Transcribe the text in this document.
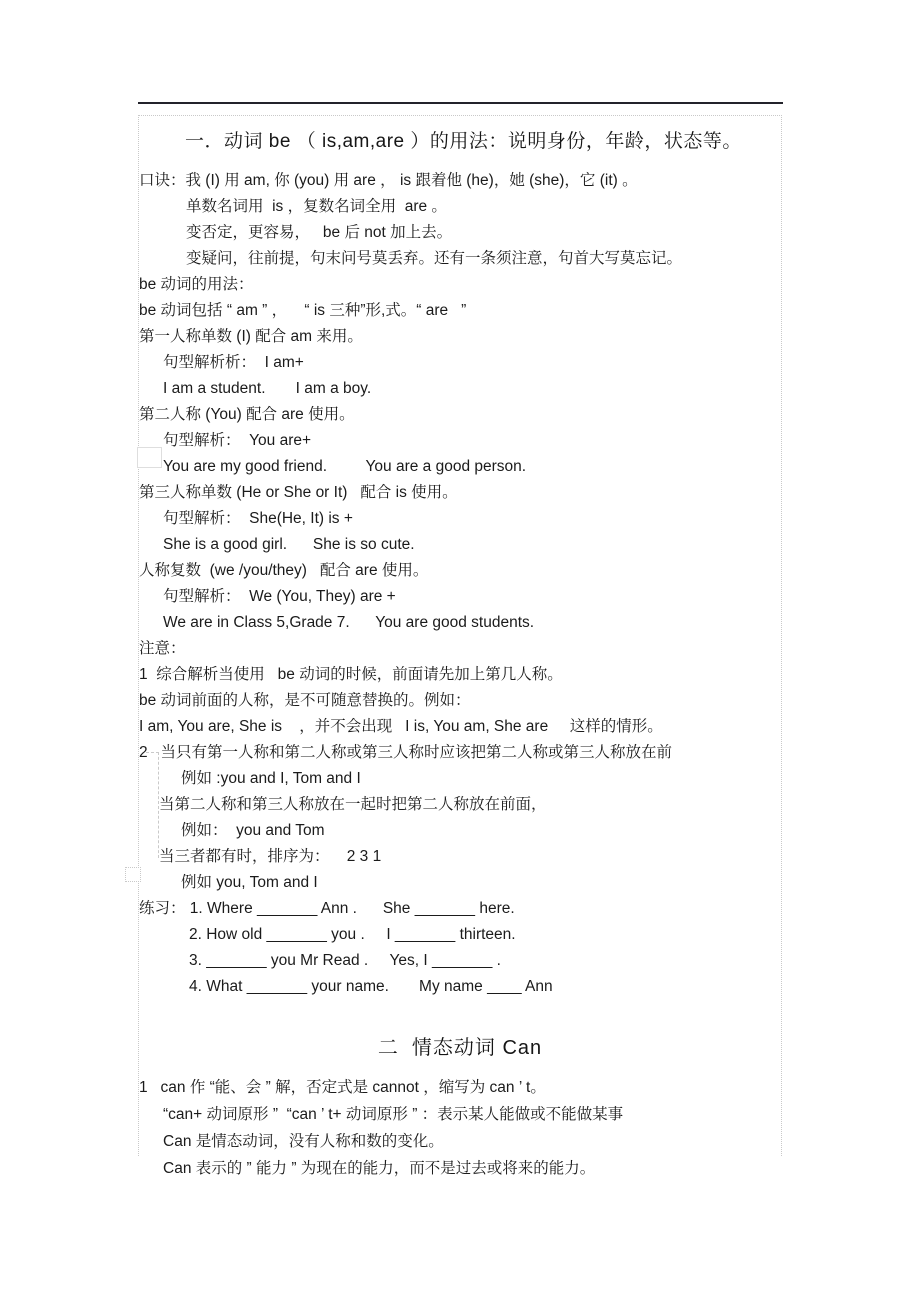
一．动词 be （ is,am,are ）的用法：说明身份，年龄，状态等。

口诀：我 (I) 用 am, 你 (you) 用 are ， is 跟着他 (he)，她 (she)，它 (it) 。

单数名词用  is ，复数名词全用  are 。

变否定，更容易，   be 后 not 加上去。

变疑问，往前提，句末问号莫丢弃。还有一条须注意，句首大写莫忘记。

be 动词的用法：

be 动词包括 “ am ” ，    “ is 三种”形,式。“ are   ”

第一人称单数 (I) 配合 am 来用。

句型解析析：  I am+

I am a student.       I am a boy.

第二人称 (You) 配合 are 使用。

句型解析：  You are+

You are my good friend.         You are a good person.

第三人称单数 (He or She or It)   配合 is 使用。

句型解析：  She(He, It) is +

She is a good girl.      She is so cute.

人称复数  (we /you/they)   配合 are 使用。

句型解析：  We (You, They) are +

We are in Class 5,Grade 7.      You are good students.

注意：

1  综合解析当使用   be 动词的时候，前面请先加上第几人称。

be 动词前面的人称，是不可随意替换的。例如：

I am, You are, She is    ，并不会出现   I is, You am, She are     这样的情形。

2   当只有第一人称和第二人称或第三人称时应该把第二人称或第三人称放在前

例如 :you and I, Tom and I

当第二人称和第三人称放在一起时把第二人称放在前面，

例如：  you and Tom

当三者都有时，排序为：    2 3 1

例如 you, Tom and I

练习： 1. Where _______ Ann .      She _______ here.

2. How old _______ you .     I _______ thirteen.

3. _______ you Mr Read .     Yes, I _______ .

4. What _______ your name.       My name ____ Ann

二  情态动词 Can

1   can 作 “能、会 ” 解，否定式是 cannot ，缩写为 can ’ t。

“can+ 动词原形 ”  “can ’ t+ 动词原形 ” ：表示某人能做或不能做某事

Can 是情态动词，没有人称和数的变化。

Can 表示的 ” 能力 ” 为现在的能力，而不是过去或将来的能力。
